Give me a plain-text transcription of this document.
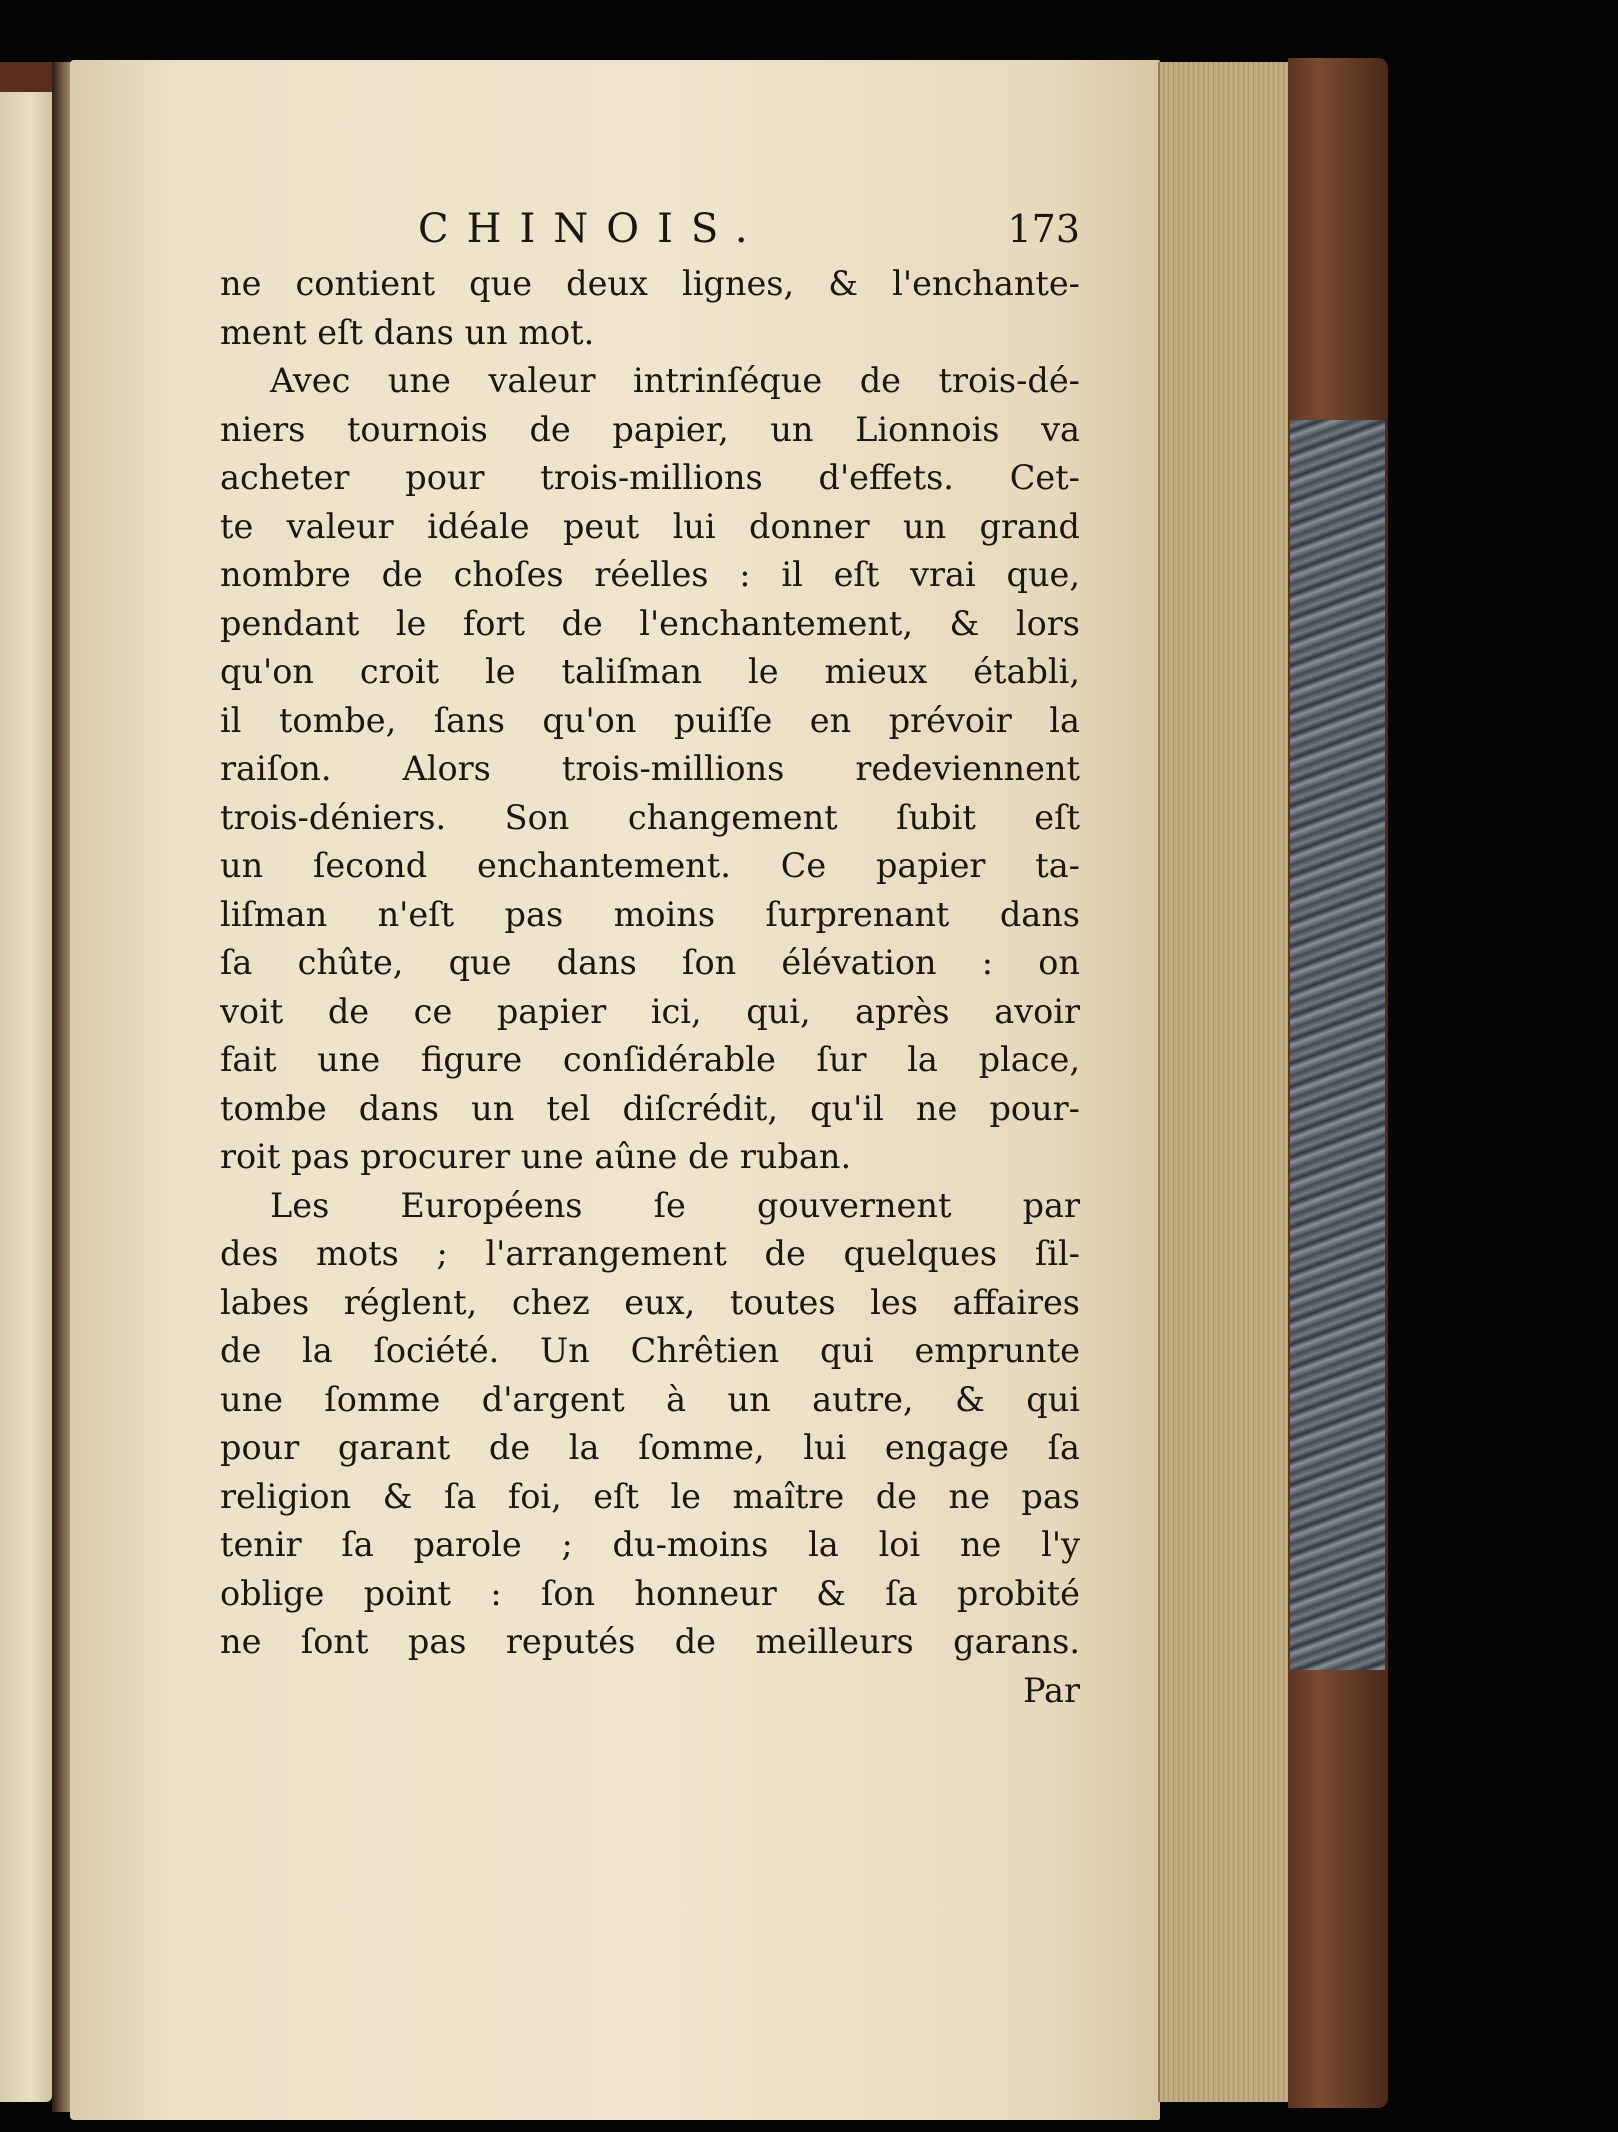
CHINOIS.	173
ne contient que deux lignes, & l'enchante-
ment eſt dans un mot.
Avec une valeur intrinſéque de trois-dé-
niers tournois de papier, un Lionnois va
acheter pour trois-millions d'effets. Cet-
te valeur idéale peut lui donner un grand
nombre de choſes réelles : il eſt vrai que,
pendant le fort de l'enchantement, & lors
qu'on croit le taliſman le mieux établi,
il tombe, ſans qu'on puiſſe en prévoir la
raiſon. Alors trois-millions redeviennent
trois-déniers. Son changement ſubit eſt
un ſecond enchantement. Ce papier ta-
liſman n'eſt pas moins ſurprenant dans
ſa chûte, que dans ſon élévation : on
voit de ce papier ici, qui, après avoir
fait une figure conſidérable ſur la place,
tombe dans un tel diſcrédit, qu'il ne pour-
roit pas procurer une aûne de ruban.
Les Européens ſe gouvernent par
des mots ; l'arrangement de quelques ſil-
labes réglent, chez eux, toutes les affaires
de la ſociété. Un Chrêtien qui emprunte
une ſomme d'argent à un autre, & qui
pour garant de la ſomme, lui engage ſa
religion & ſa foi, eſt le maître de ne pas
tenir ſa parole ; du-moins la loi ne l'y
oblige point : ſon honneur & ſa probité
ne ſont pas reputés de meilleurs garans.
Par
